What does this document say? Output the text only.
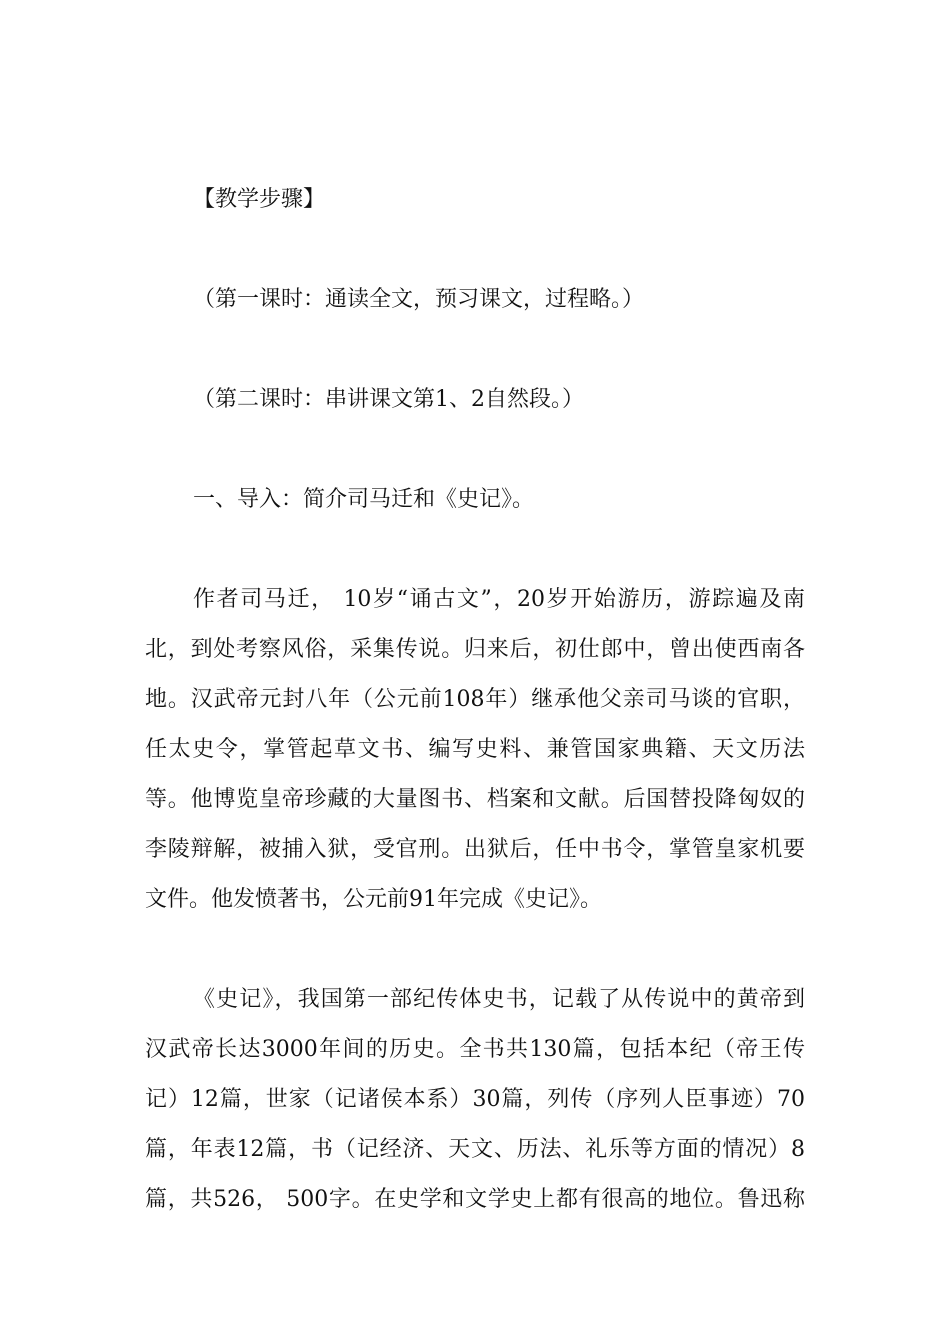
【教学步骤】
（第一课时：通读全文，预习课文，过程略。）
（第二课时：串讲课文第1、2自然段。）
一、导入：简介司马迁和《史记》。
作者司马迁， 10岁“诵古文”，20岁开始游历，游踪遍及南
北，到处考察风俗，采集传说。归来后，初仕郎中，曾出使西南各
地。汉武帝元封八年（公元前108年）继承他父亲司马谈的官职，
任太史令，掌管起草文书、编写史料、兼管国家典籍、天文历法
等。他博览皇帝珍藏的大量图书、档案和文献。后国替投降匈奴的
李陵辩解，被捕入狱，受官刑。出狱后，任中书令，掌管皇家机要
文件。他发愤著书，公元前91年完成《史记》。
《史记》，我国第一部纪传体史书，记载了从传说中的黄帝到
汉武帝长达3000年间的历史。全书共130篇，包括本纪（帝王传
记）12篇，世家（记诸侯本系）30篇，列传（序列人臣事迹）70
篇，年表12篇，书（记经济、天文、历法、礼乐等方面的情况）8
篇，共526， 500字。在史学和文学史上都有很高的地位。鲁迅称
